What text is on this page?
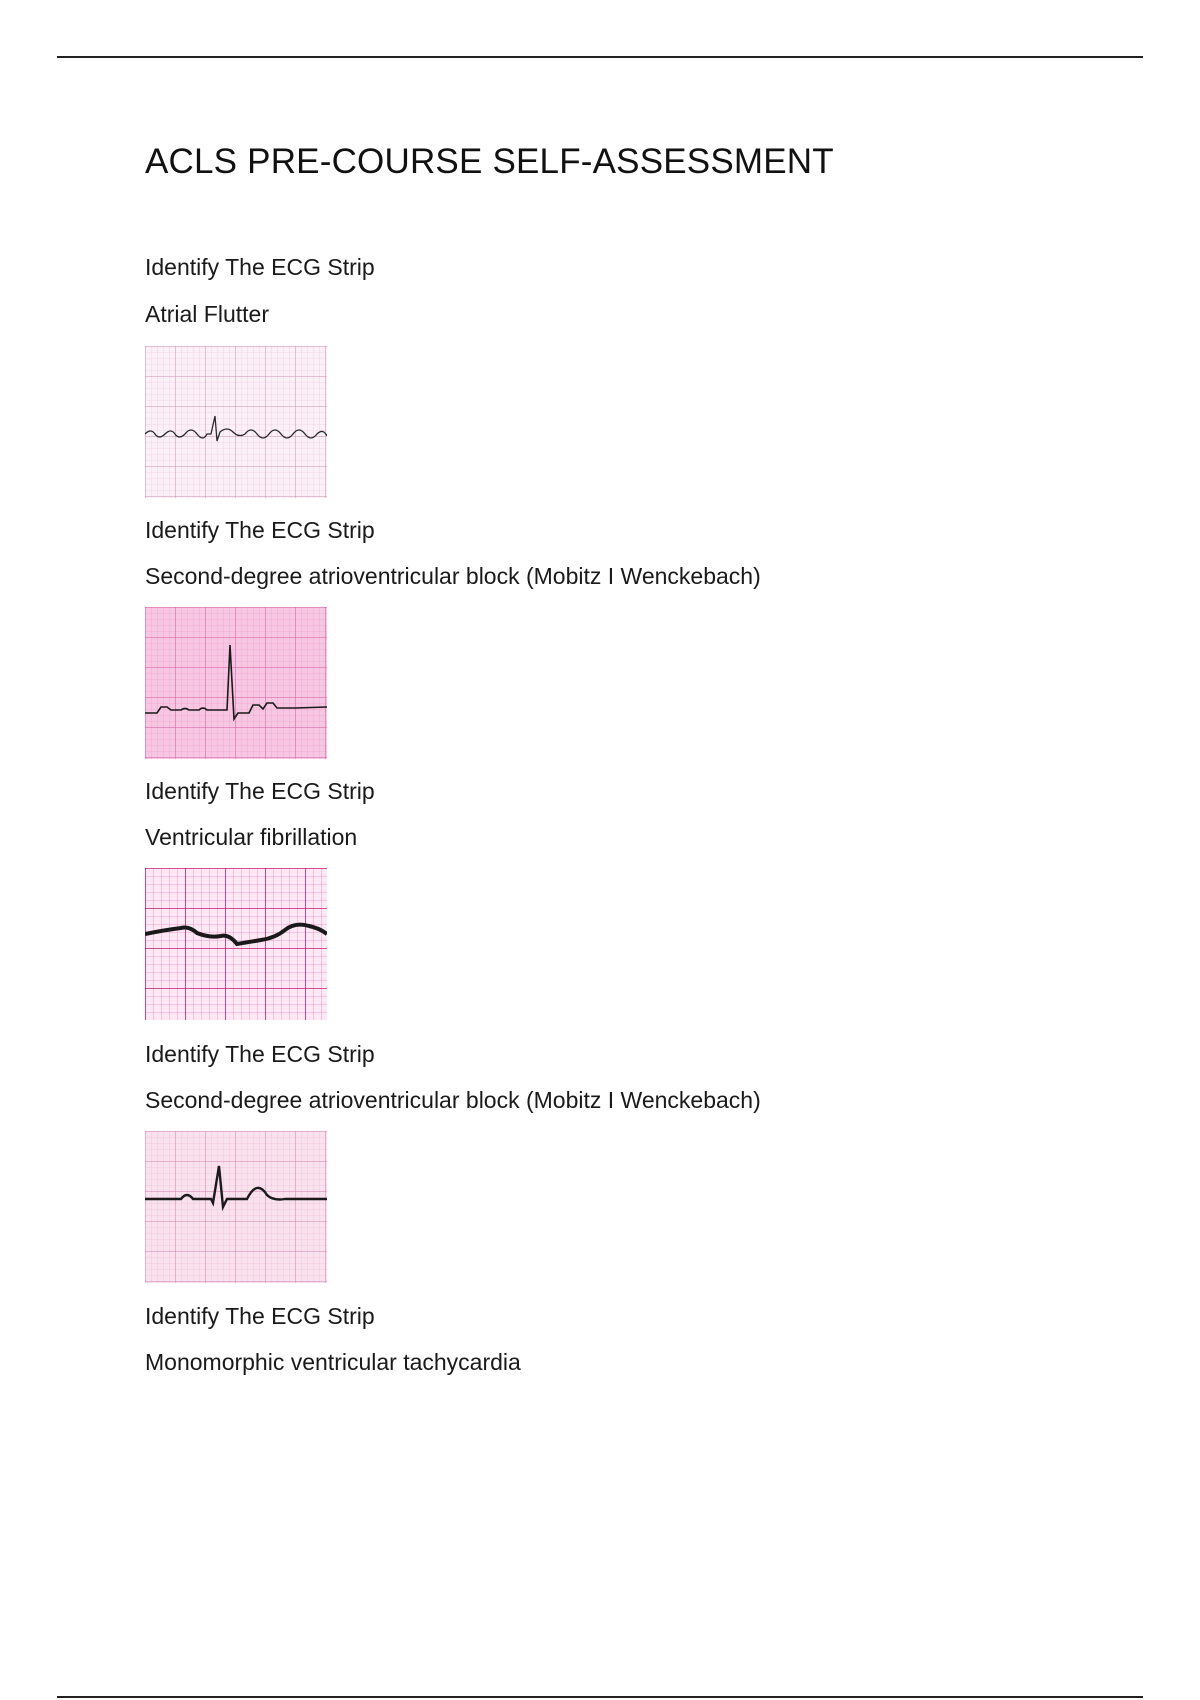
ACLS PRE-COURSE SELF-ASSESSMENT

Identify The ECG Strip

Atrial Flutter

Identify The ECG Strip

Second-degree atrioventricular block (Mobitz I Wenckebach)

Identify The ECG Strip

Ventricular fibrillation

Identify The ECG Strip

Second-degree atrioventricular block (Mobitz I Wenckebach)

Identify The ECG Strip

Monomorphic ventricular tachycardia
